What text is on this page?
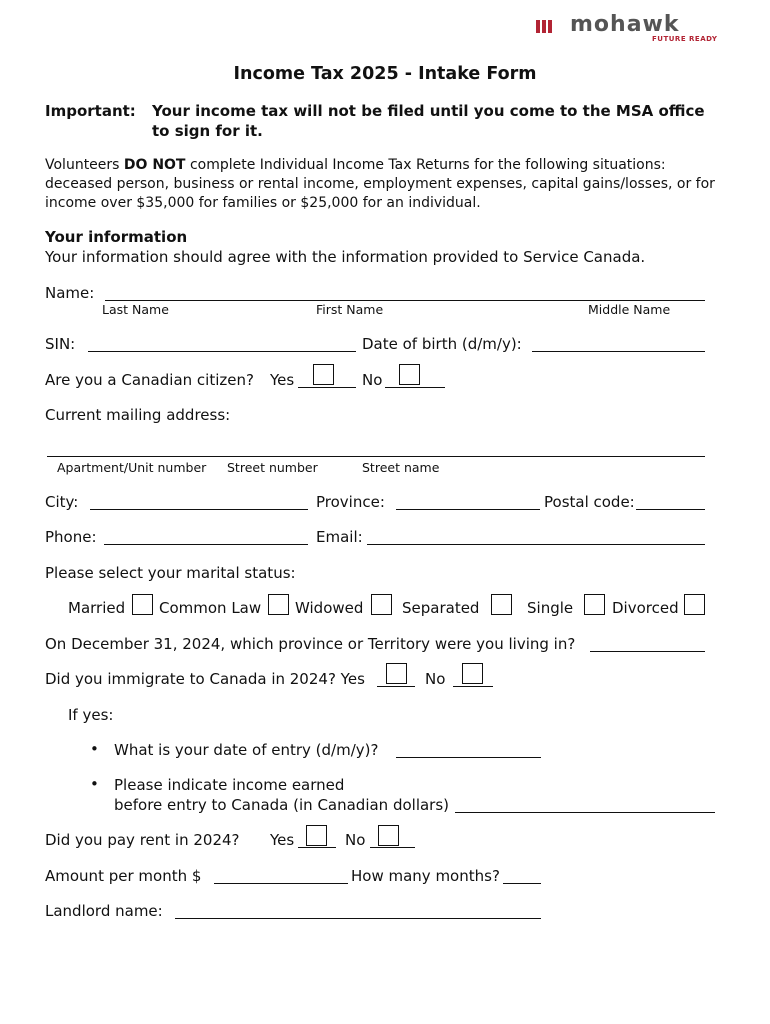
mohawk
FUTURE READY
Income Tax 2025 - Intake Form
Important: Your income tax will not be filed until you come to the MSA office
to sign for it.
Volunteers DO NOT complete Individual Income Tax Returns for the following situations:
deceased person, business or rental income, employment expenses, capital gains/losses, or for
income over $35,000 for families or $25,000 for an individual.
Your information
Your information should agree with the information provided to Service Canada.
Name:
Last Name	First Name	Middle Name
SIN:	Date of birth (d/m/y):
Are you a Canadian citizen? Yes	No
Current mailing address:
Apartment/Unit number Street number	Street name
City:	Province:	Postal code:
Phone:	Email:
Please select your marital status:
Married Common Law Widowed	Separated	Single	Divorced
On December 31, 2024, which province or Territory were you living in?
Did you immigrate to Canada in 2024? Yes	No
If yes:
• What is your date of entry (d/m/y)?
• Please indicate income earned
before entry to Canada (in Canadian dollars)
Did you pay rent in 2024? Yes	No
Amount per month $	How many months?
Landlord name:
